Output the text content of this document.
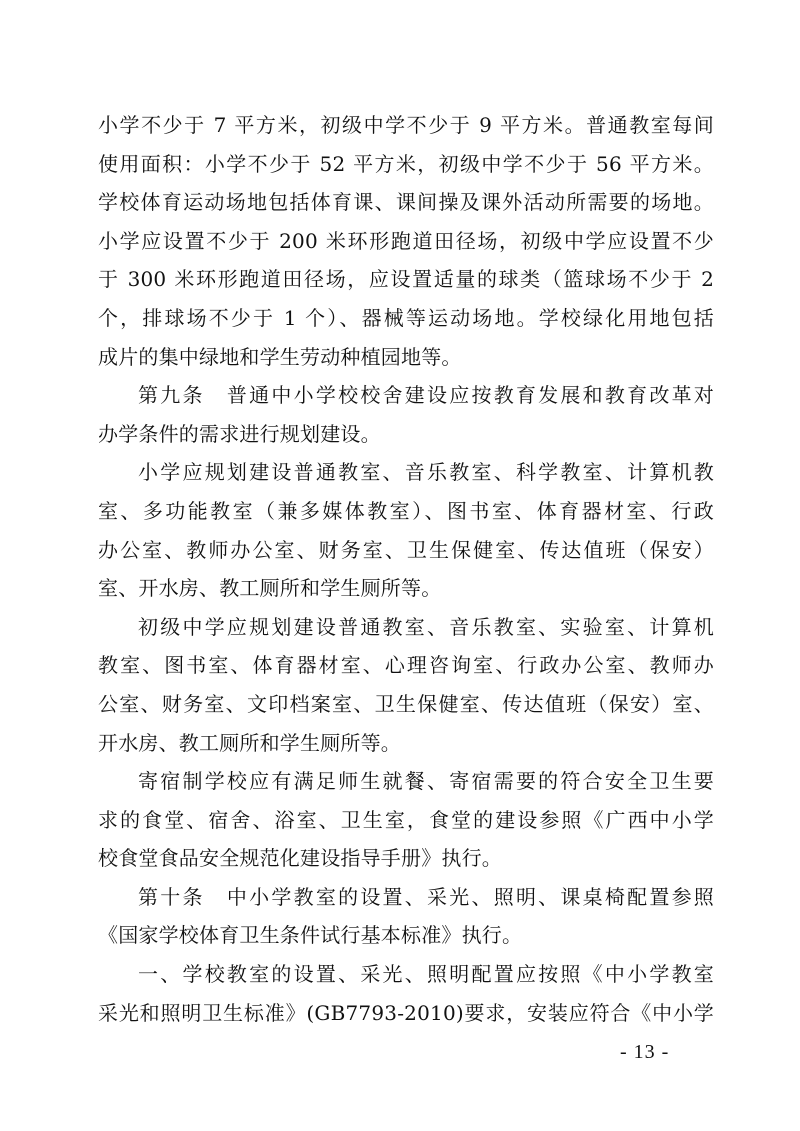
小学不少于 7 平方米，初级中学不少于 9 平方米。普通教室每间
使用面积：小学不少于 52 平方米，初级中学不少于 56 平方米。
学校体育运动场地包括体育课、课间操及课外活动所需要的场地。
小学应设置不少于 200 米环形跑道田径场，初级中学应设置不少
于 300 米环形跑道田径场，应设置适量的球类（篮球场不少于 2
个，排球场不少于 1 个）、器械等运动场地。学校绿化用地包括
成片的集中绿地和学生劳动种植园地等。
第九条　普通中小学校校舍建设应按教育发展和教育改革对
办学条件的需求进行规划建设。
小学应规划建设普通教室、音乐教室、科学教室、计算机教
室、多功能教室（兼多媒体教室）、图书室、体育器材室、行政
办公室、教师办公室、财务室、卫生保健室、传达值班（保安）
室、开水房、教工厕所和学生厕所等。
初级中学应规划建设普通教室、音乐教室、实验室、计算机
教室、图书室、体育器材室、心理咨询室、行政办公室、教师办
公室、财务室、文印档案室、卫生保健室、传达值班（保安）室、
开水房、教工厕所和学生厕所等。
寄宿制学校应有满足师生就餐、寄宿需要的符合安全卫生要
求的食堂、宿舍、浴室、卫生室，食堂的建设参照《广西中小学
校食堂食品安全规范化建设指导手册》执行。
第十条　中小学教室的设置、采光、照明、课桌椅配置参照
《国家学校体育卫生条件试行基本标准》执行。
一、学校教室的设置、采光、照明配置应按照《中小学教室
采光和照明卫生标准》(GB7793-2010)要求，安装应符合《中小学
- 13 -
